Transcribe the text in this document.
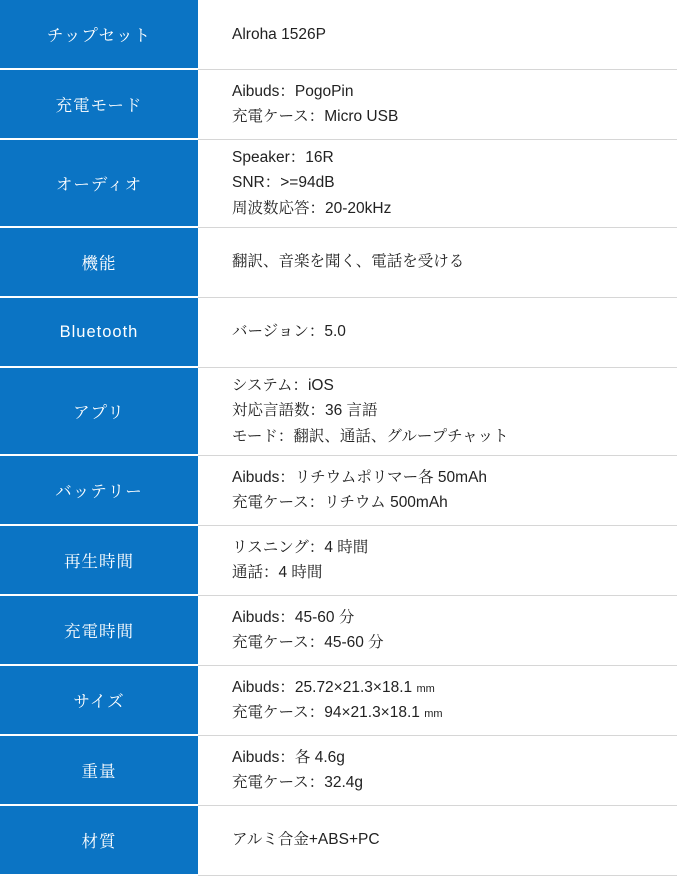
チップセット	Alroha 1526P

充電モード	Aibuds：PogoPin
充電ケース：Micro USB

オーディオ	Speaker：16R
SNR：>=94dB
周波数応答：20-20kHz

機能	翻訳、音楽を聞く、電話を受ける

Bluetooth	バージョン：5.0

アプリ	システム：iOS
対応言語数：36 言語
モード：翻訳、通話、グループチャット

バッテリー	Aibuds：リチウムポリマー各 50mAh
充電ケース：リチウム 500mAh

再生時間	リスニング：4 時間
通話：4 時間

充電時間	Aibuds：45-60 分
充電ケース：45-60 分

サイズ	Aibuds：25.72×21.3×18.1 mm
充電ケース：94×21.3×18.1 mm

重量	Aibuds：各 4.6g
充電ケース：32.4g

材質	アルミ合金+ABS+PC
